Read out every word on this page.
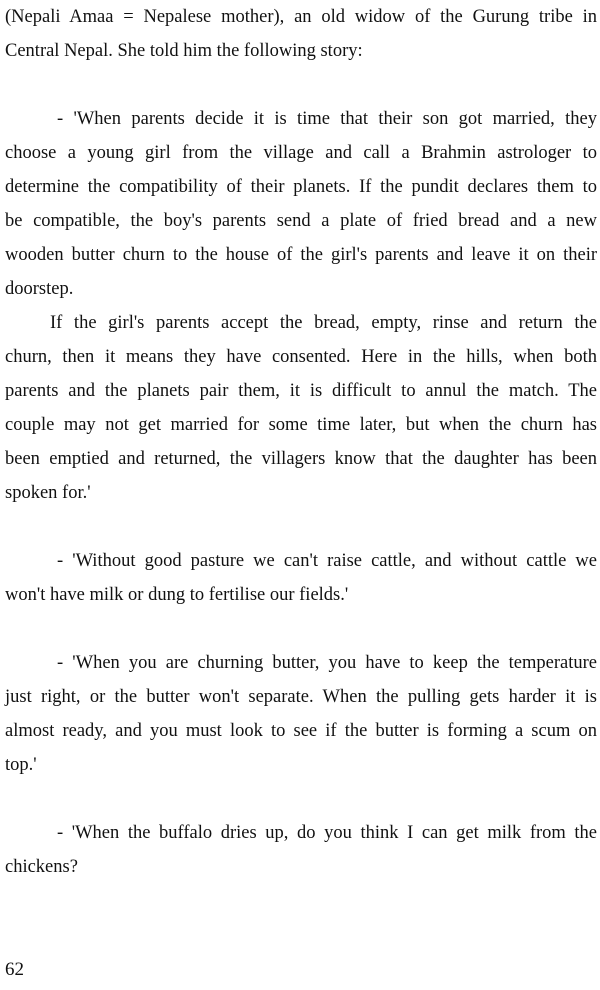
(Nepali Amaa = Nepalese mother), an old widow of the Gurung tribe in

Central Nepal. She told him the following story:

- 'When parents decide it is time that their son got married, they

choose a young girl from the village and call a Brahmin astrologer to

determine the compatibility of their planets. If the pundit declares them to

be compatible, the boy's parents send a plate of fried bread and a new

wooden butter churn to the house of the girl's parents and leave it on their

doorstep.

If the girl's parents accept the bread, empty, rinse and return the

churn, then it means they have consented. Here in the hills, when both

parents and the planets pair them, it is difficult to annul the match. The

couple may not get married for some time later, but when the churn has

been emptied and returned, the villagers know that the daughter has been

spoken for.'

- 'Without good pasture we can't raise cattle, and without cattle we

won't have milk or dung to fertilise our fields.'

- 'When you are churning butter, you have to keep the temperature

just right, or the butter won't separate. When the pulling gets harder it is

almost ready, and you must look to see if the butter is forming a scum on

top.'

- 'When the buffalo dries up, do you think I can get milk from the

chickens?

62
